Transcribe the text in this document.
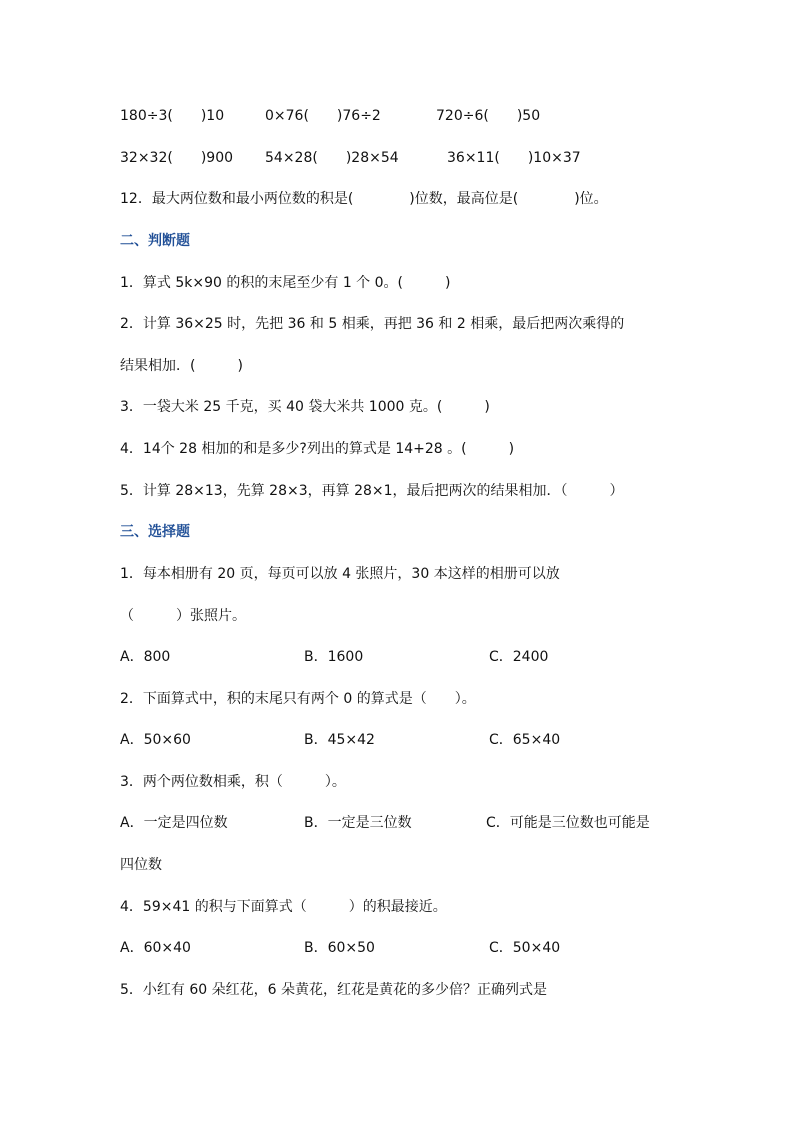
180÷3(　　)10	0×76(　　)76÷2	720÷6(　　)50
32×32(　　)900 54×28(　　)28×54	36×11(　　)10×37
12．最大两位数和最小两位数的积是(　　　　)位数，最高位是(　　　　)位。
二、判断题
1．算式 5k×90 的积的末尾至少有 1 个 0。(　　　)
2．计算 36×25 时，先把 36 和 5 相乘，再把 36 和 2 相乘，最后把两次乘得的
结果相加．(　　　)
3．一袋大米 25 千克，买 40 袋大米共 1000 克。(　　　)
4．14个 28 相加的和是多少?列出的算式是 14+28 。(　　　)
5．计算 28×13，先算 28×3，再算 28×1，最后把两次的结果相加．（　　　）
三、选择题
1．每本相册有 20 页，每页可以放 4 张照片，30 本这样的相册可以放
（　　　）张照片。
A．800	B．1600	C．2400
2．下面算式中，积的末尾只有两个 0 的算式是（　　）。
A．50×60	B．45×42	C．65×40
3．两个两位数相乘，积（　　　）。
A．一定是四位数	B．一定是三位数	C．可能是三位数也可能是
四位数
4．59×41 的积与下面算式（　　　）的积最接近。
A．60×40	B．60×50	C．50×40
5．小红有 60 朵红花，6 朵黄花，红花是黄花的多少倍？正确列式是
